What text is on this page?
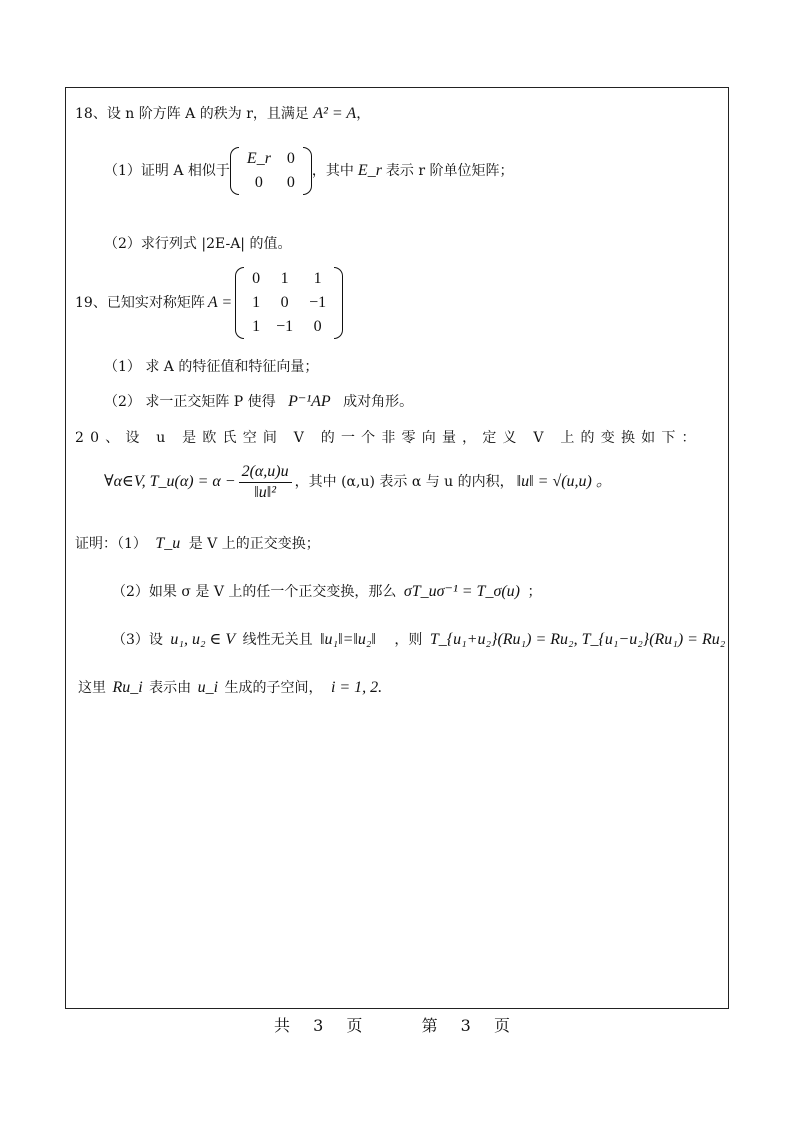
18、设 n 阶方阵 A 的秩为 r，且满足 A² = A，
（1）证明 A 相似于
E_r	0
0	0
，其中 E_r 表示 r 阶单位矩阵；
（2）求行列式 |2E-A| 的值。
19、已知实对称矩阵 A =
0	1	1
1	0	−1
1	−1	0
（1） 求 A 的特征值和特征向量；
（2） 求一正交矩阵 P 使得 P⁻¹AP 成对角形。
20、设 u 是欧氏空间 V 的一个非零向量，定义 V 上的变换如下：
∀α∈V, T_u(α) = $\alpha - \frac{2(\alpha,u)u}{\text{‖u‖²}}$ ，其中 (α,u) 表示 α 与 u 的内积， ‖u‖ = √(u,u) 。
证明：（1） T_u 是 V 上的正交变换；
（2）如果 σ 是 V 上的任一个正交变换，那么 σT_uσ⁻¹ = T_σ(u) ；
（3）设 u₁, u₂ ∈ V 线性无关且 ‖u₁‖=‖u₂‖ ，则 T_{u₁+u₂}(Ru₁) = Ru₂, T_{u₁−u₂}(Ru₁) = Ru₂
这里 Ru_i 表示由 u_i 生成的子空间， i = 1, 2.
共 3 页	第 3 页
